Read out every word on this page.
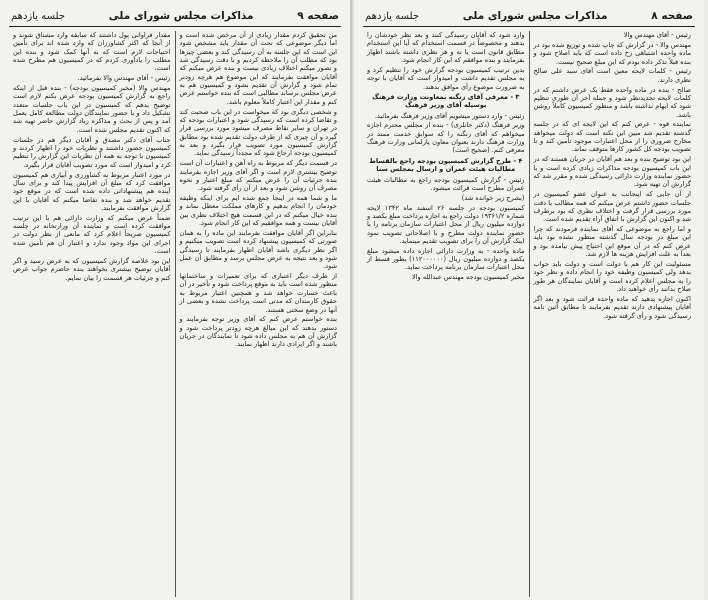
صفحه ۹
مذاکرات مجلس شورای ملی
جلسه یازدهم

مقدار فراوانی پول داشتند که سابقه وارد مشتاق شوند و از آنجا که اکثر کشاورزان که وارد شده اند برای تأمین احتیاجات لازم است که به آنها کمک شود و بنده این مطلب را یادآوری کردم که در کمیسیون هم مطرح شده است.

رئیس - آقای مهندس والا بفرمائید.

مهندس والا (مخبر کمیسیون بودجه) - بنده قبل از اینکه راجع به گزارش کمیسیون بودجه عرض بکنم لازم است توضیح بدهم که کمیسیون در این باب جلسات متعدد تشکیل داد و با حضور نمایندگان دولت مطالعه کامل بعمل آمد و پس از بحث و مذاکره زیاد گزارش حاضر تهیه شد که اکنون تقدیم مجلس شده است.

جناب آقای دکتر مصدق و آقایان دیگر هم در جلسات کمیسیون حضور داشتند و نظریات خود را اظهار کردند و کمیسیون با توجه به همه آن نظریات این گزارش را تنظیم کرد و امیدوار است که مورد تصویب آقایان قرار بگیرد.

در مورد اعتبار مربوط به کشاورزی و آبیاری هم کمیسیون موافقت کرد که مبلغ آن افزایش پیدا کند و برای سال آینده هم پیشنهاداتی داده شده است که در موقع خود تقدیم خواهد شد و بنده تقاضا میکنم که آقایان با این گزارش موافقت بفرمایند.

ضمناً عرض میکنم که وزارت دارائی هم با این ترتیب موافقت کرده است و نماینده آن وزارتخانه در جلسه کمیسیون صریحاً اعلام کرد که مانعی از نظر دولت در اجرای این مواد وجود ندارد و اعتبار آن هم تأمین شده است.

این بود خلاصه گزارش کمیسیون که به عرض رسید و اگر آقایان توضیح بیشتری بخواهند بنده حاضرم جواب عرض کنم و جزئیات هر قسمت را بیان نمایم.

من تحقیق کردم مقدار زیادی از آن مرخص شده است و اما دیگر موضوعی که تحت آن مقدار باید مشخص شود این است که این جلسه به آن رسیدگی کند و بعضی چیزها بود که مطلب آن را ملاحظه کردیم و با دقت رسیدگی شد و تصور میکنم اختلاف زیادی نیست و بنده عرض میکنم که آقایان موافقت بفرمایند که این موضوع هم هرچه زودتر تمام شود و گزارش آن تقدیم بشود و کمیسیون هم به عرض مجلس برساند مطالبی است که بنده خواستم عرض کنم و مقدار این اعتبار کاملاً معلوم باشد.

و شخصی دیگری بود که میخواست در این باب صحبت کند و تقاضا کرده است که رسیدگی شود و اعتبارات بودجه که در تهران و سایر نقاط مصرف میشود مورد بررسی قرار گیرد و آن چیزی که از طرف دولت تقدیم شده بود مطابق گزارش کمیسیون مورد تصویب قرار بگیرد و بعد به کمیسیون بودجه ارجاع شود که مجدداً رسیدگی نماید.

در قسمت دیگر که مربوط به راه آهن و اعتبارات آن است توضیح بیشتری لازم است و اگر آقای وزیر اجازه بفرمایند بنده جزئیات آن را عرض میکنم که مبلغ اعتبار و نحوه مصرف آن روشن شود و بعد از آن رأی گرفته شود.

ما و شما همه در اینجا جمع شده ایم برای اینکه وظیفه خودمان را انجام بدهیم و کارهای مملکت معطل نماند و بنده خیال میکنم که در این قسمت هیچ اختلاف نظری بین آقایان نیست و همه موافقیم که این کار انجام شود.

بنابراین اگر آقایان موافقت بفرمایند این ماده را به همان صورتی که کمیسیون پیشنهاد کرده است تصویب میکنیم و اگر نظر دیگری باشد آقایان اظهار بفرمایند تا رسیدگی شود و بعد نتیجه به عرض مجلس برسد و مطابق آن عمل شود.

از طرف دیگر اعتباری که برای تعمیرات و ساختمانها منظور شده است باید به موقع پرداخت شود و تأخیر در آن باعث خسارت خواهد شد و همچنین اعتبار مربوط به حقوق کارمندان که مدتی است پرداخت نشده و بعضی از آنها در وضع سختی هستند.

بنده خواستم عرض کنم که آقای وزیر توجه بفرمایند و دستور بدهند که این مبالغ هرچه زودتر پرداخت شود و گزارش آن هم به مجلس داده شود تا نمایندگان در جریان باشند و اگر ایرادی دارند اظهار نمایند.

صفحه ۸
مذاکرات مجلس شورای ملی
جلسه یازدهم

وارد شود که آقایان رسیدگی کنند و بعد نظر خودشان را بدهند و مخصوصاً در قسمت استخدام که آیا این استخدام مطابق قانون است یا نه و هر نظری داشته باشند اظهار بفرمایند و بنده موافقم که این کار انجام شود.

بدین ترتیب کمیسیون بودجه گزارش خود را تنظیم کرد و به مجلس تقدیم داشت و امیدوار است که آقایان با توجه به ضرورت موضوع رأی موافق بدهند.

۳ - معرفی آقای زنگنه بمعاونت وزارت فرهنگ بوسیله آقای وزیر فرهنگ

رئیس - وارد دستور میشویم آقای وزیر فرهنگ بفرمائید.

وزیر فرهنگ (دکتر خانلری) - بنده از مجلس محترم اجازه میخواهم که آقای زنگنه را که سوابق خدمت ممتد در وزارت فرهنگ دارند بعنوان معاون پارلمانی وزارت فرهنگ معرفی کنم. (صحیح است)

۴ - طرح گزارش کمیسیون بودجه راجع بالقساط مطالبات هیئت عمران و ارسال بمجلس سنا

رئیس - گزارش کمیسیون بودجه راجع به مطالبات هیئت عمران مطرح است قرائت میشود.

(بشرح زیر خوانده شد)

کمیسیون بودجه در جلسه ۲۶ اسفند ماه ۱۳۴۲ لایحه شماره ۱۹۳۶۱/۲ دولت راجع به اجازه پرداخت مبلغ یکصد و دوازده میلیون ریال از محل اعتبارات سازمان برنامه را با حضور نماینده دولت مطرح و با اصلاحاتی تصویب نمود اینک گزارش آن را برای تصویب تقدیم مینماید.

ماده واحده - به وزارت دارائی اجازه داده میشود مبلغ یکصد و دوازده میلیون ریال (۱۱۲۰۰۰۰۰۰) بطور قسط از محل اعتبارات سازمان برنامه پرداخت نماید.

مخبر کمیسیون بودجه مهندس عبدالله والا

رئیس - آقای مهندس والا

مهندس والا - در گزارش که چاپ شده و توزیع شده بود در ماده واحده اشتباهی رخ داده است که باید اصلاح شود و بنده قبلاً تذکر داده بودم که این مبلغ صحیح نیست.

رئیس - کلمات لایحه معین است آقای سید علی صالح نظری دارند.

صالح - بنده در ماده واحده فقط یک عرض داشتم که در کلمات لایحه تجدیدنظر شود و جمله آخر آن طوری تنظیم شود که ابهام نداشته باشد و منظور کمیسیون کاملاً روشن باشد.

نماینده قوه - عرض کنم که این لایحه ای که در جلسه گذشته تقدیم شد مبین این نکته است که دولت میخواهد مخارج ضروری را از محل اعتبارات موجود تأمین کند و تا تصویب بودجه کل کشور کارها متوقف نماند.

این بود توضیح بنده و بعد هم آقایان در جریان هستند که در این باب کمیسیون بودجه مذاکرات زیادی کرده است و با حضور نماینده وزارت دارائی رسیدگی شده و مقرر شد که گزارش آن تهیه شود.

از آن جایی که اینجانب به عنوان عضو کمیسیون در جلسات حضور داشتم عرض میکنم که همه مطالب با دقت مورد بررسی قرار گرفت و اختلاف نظری که بود برطرف شد و اکنون این گزارش با اتفاق آراء تقدیم شده است.

و اما راجع به موضوعی که آقای نماینده فرمودند که چرا این مبلغ در بودجه سال گذشته منظور نشده بود باید عرض کنم که در آن موقع این احتیاج پیش نیامده بود و بعداً به علت افزایش هزینه ها لازم شد.

مسئولیت این کار هم با دولت است و دولت باید جواب بدهد ولی کمیسیون وظیفه خود را انجام داده و نظر خود را به مجلس اعلام کرده است و آقایان نمایندگان هر طور صلاح بدانند رأی خواهند داد.

اکنون اجازه بدهید که ماده واحده قرائت شود و بعد اگر آقایان پیشنهادی دارند تقدیم بفرمایند تا مطابق آئین نامه رسیدگی شود و رأی گرفته شود.
